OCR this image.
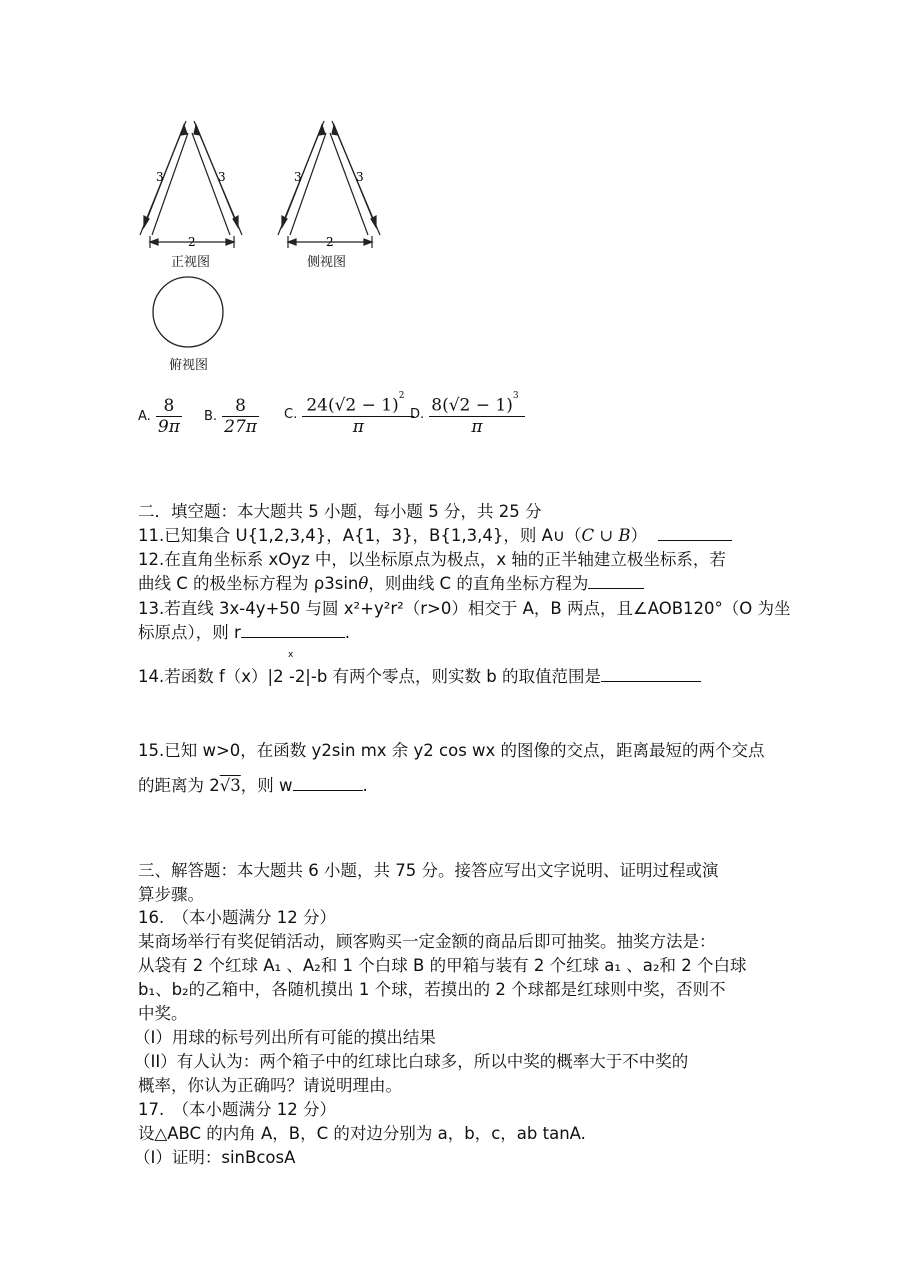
3	3
2
正视图
3	3
2
侧视图
俯视图
A. $\frac{8}{9\pi} B$. $\frac{8}{27\pi} C$. $\frac{24(√2 - 1)^2}{\pi}$
D. $\frac{8(√2 - 1)^3}{\pi}$
二．填空题：本大题共 5 小题，每小题 5 分，共 25 分
11.已知集合 U{1,2,3,4}，A{1，3}，B{1,3,4}，则 A∪（C ∪ B）
12.在直角坐标系 xOyz 中，以坐标原点为极点，x 轴的正半轴建立极坐标系，若
曲线 C 的极坐标方程为 ρ3sinθ，则曲线 C 的直角坐标方程为
13.若直线 3x-4y+50 与圆 x²+y²r²（r>0）相交于 A，B 两点，且∠AOB120°（O 为坐
标原点），则 r	.
x
14.若函数 f（x）|2 -2|-b 有两个零点，则实数 b 的取值范围是
15.已知 w>0，在函数 y2sin mx 余 y2 cos wx 的图像的交点，距离最短的两个交点
的距离为 2√3，则 w	.
三、解答题：本大题共 6 小题，共 75 分。接答应写出文字说明、证明过程或演
算步骤。
16.　（本小题满分 12 分）
某商场举行有奖促销活动，顾客购买一定金额的商品后即可抽奖。抽奖方法是：
从袋有 2 个红球 A₁ 、A₂和 1 个白球 B 的甲箱与装有 2 个红球 a₁ 、a₂和 2 个白球
b₁、b₂的乙箱中，各随机摸出 1 个球，若摸出的 2 个球都是红球则中奖，否则不
中奖。
（I）用球的标号列出所有可能的摸出结果
（II）有人认为：两个箱子中的红球比白球多，所以中奖的概率大于不中奖的
概率，你认为正确吗？请说明理由。
17.　（本小题满分 12 分）
设△ABC 的内角 A，B，C 的对边分别为 a，b，c，ab tanA.
（I）证明：sinBcosA
